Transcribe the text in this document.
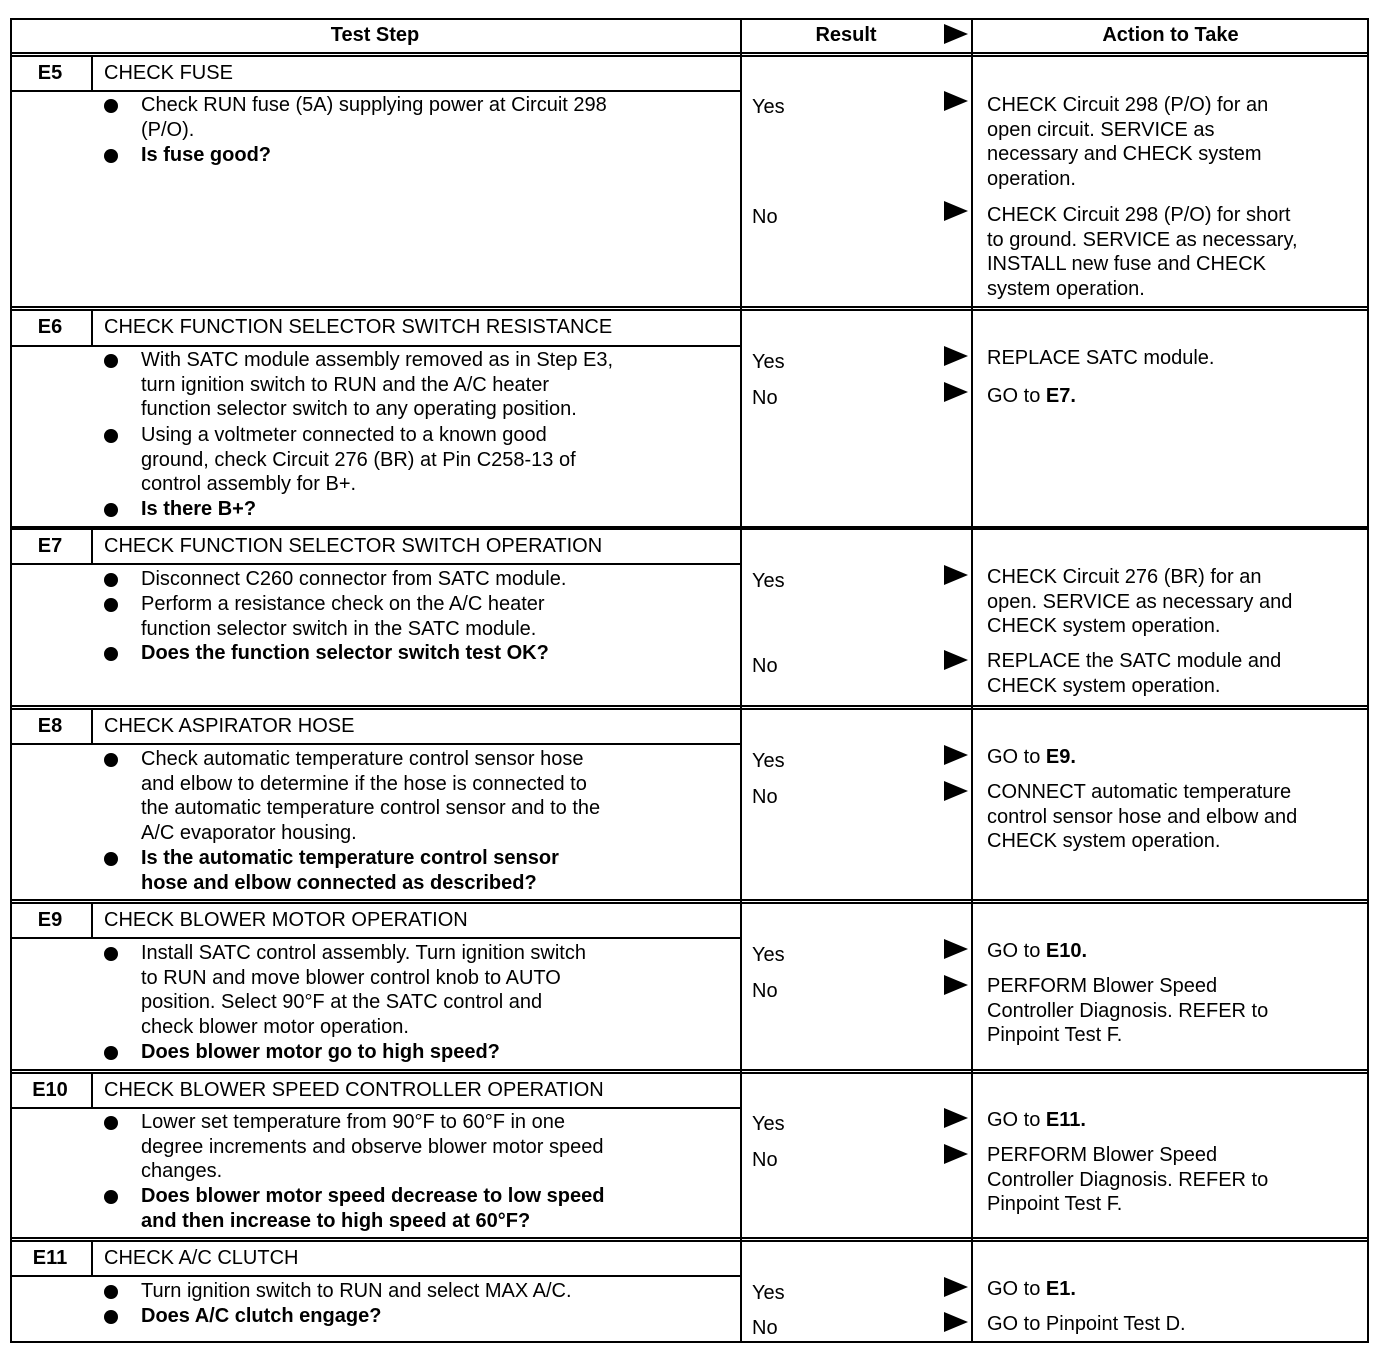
Test Step	Result	Action to Take
E5	CHECK FUSE
Check RUN fuse (5A) supplying power at Circuit 298
(P/O).
Is fuse good?
Yes	CHECK Circuit 298 (P/O) for an
open circuit. SERVICE as
necessary and CHECK system
operation.
No	CHECK Circuit 298 (P/O) for short
to ground. SERVICE as necessary,
INSTALL new fuse and CHECK
system operation.
E6	CHECK FUNCTION SELECTOR SWITCH RESISTANCE
With SATC module assembly removed as in Step E3,
turn ignition switch to RUN and the A/C heater
function selector switch to any operating position.
Using a voltmeter connected to a known good
ground, check Circuit 276 (BR) at Pin C258-13 of
control assembly for B+.
Is there B+?
Yes	REPLACE SATC module.
No	GO to E7.
E7	CHECK FUNCTION SELECTOR SWITCH OPERATION
Disconnect C260 connector from SATC module.
Perform a resistance check on the A/C heater
function selector switch in the SATC module.
Does the function selector switch test OK?
Yes	CHECK Circuit 276 (BR) for an
open. SERVICE as necessary and
CHECK system operation.
No	REPLACE the SATC module and
CHECK system operation.
E8	CHECK ASPIRATOR HOSE
Check automatic temperature control sensor hose
and elbow to determine if the hose is connected to
the automatic temperature control sensor and to the
A/C evaporator housing.
Is the automatic temperature control sensor
hose and elbow connected as described?
Yes	GO to E9.
No	CONNECT automatic temperature
control sensor hose and elbow and
CHECK system operation.
E9	CHECK BLOWER MOTOR OPERATION
Install SATC control assembly. Turn ignition switch
to RUN and move blower control knob to AUTO
position. Select 90°F at the SATC control and
check blower motor operation.
Does blower motor go to high speed?
Yes	GO to E10.
No	PERFORM Blower Speed
Controller Diagnosis. REFER to
Pinpoint Test F.
E10	CHECK BLOWER SPEED CONTROLLER OPERATION
Lower set temperature from 90°F to 60°F in one
degree increments and observe blower motor speed
changes.
Does blower motor speed decrease to low speed
and then increase to high speed at 60°F?
Yes	GO to E11.
No	PERFORM Blower Speed
Controller Diagnosis. REFER to
Pinpoint Test F.
E11	CHECK A/C CLUTCH
Turn ignition switch to RUN and select MAX A/C.
Does A/C clutch engage?
Yes	GO to E1.
No	GO to Pinpoint Test D.
